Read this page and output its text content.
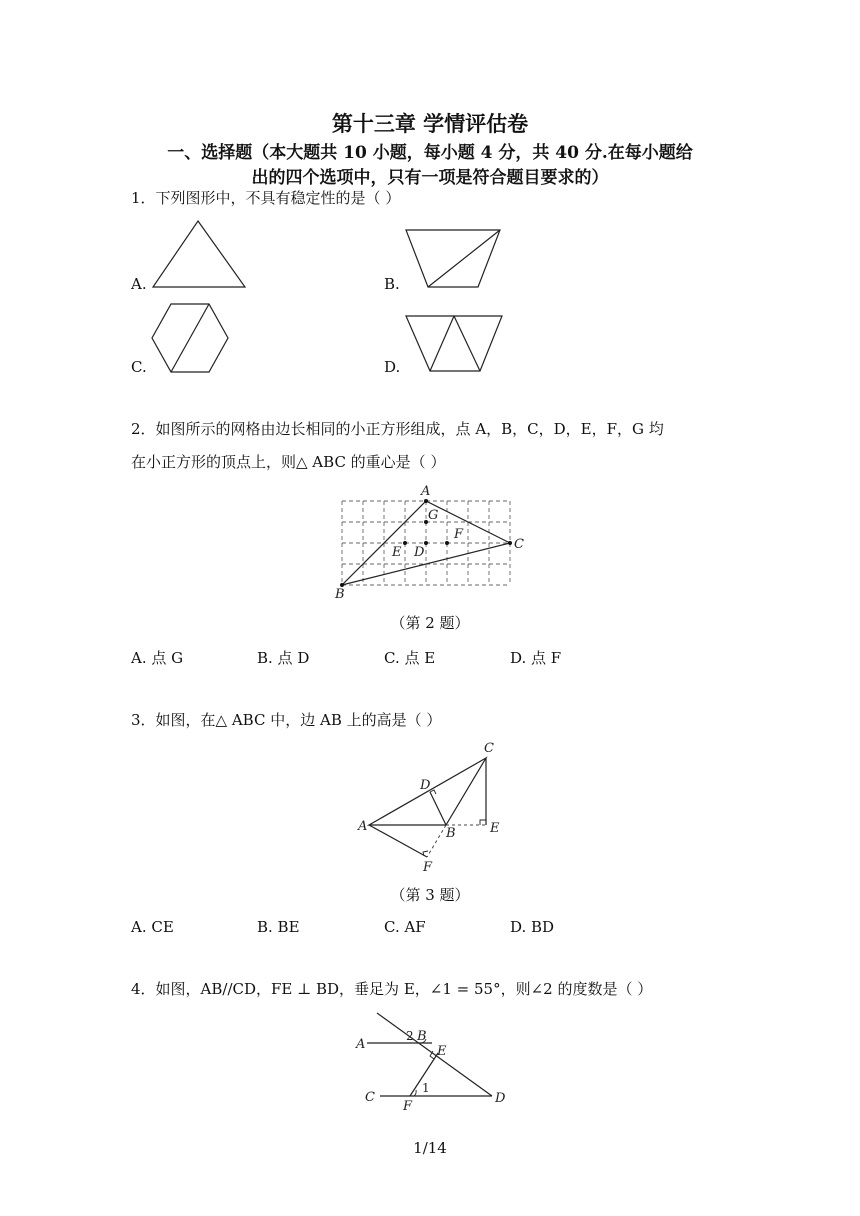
第十三章 学情评估卷
一、选择题（本大题共 10 小题，每小题 4 分，共 40 分.在每小题给
出的四个选项中，只有一项是符合题目要求的）
1．下列图形中，不具有稳定性的是（ ）
A.	B.
C.	D.
2．如图所示的网格由边长相同的小正方形组成，点 A，B，C，D，E，F，G 均
在小正方形的顶点上，则△ ABC 的重心是（ ）
A
B
C
D
E
F
G
（第 2 题）
A. 点 G	B. 点 D	C. 点 E	D. 点 F
3．如图，在△ ABC 中，边 AB 上的高是（ ）
A	B
C
D
E
F
（第 3 题）
A. CE	B. BE	C. AF	D. BD
4．如图，AB//CD，FE ⊥ BD，垂足为 E，∠1 = 55°，则∠2 的度数是（ ）
A
B
C	D
E
F
1
2
1/14
